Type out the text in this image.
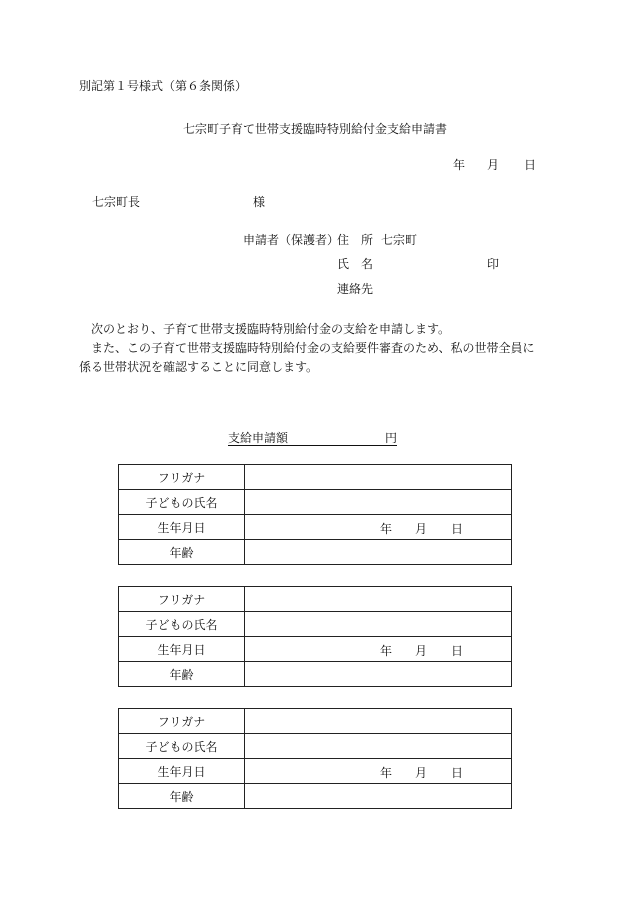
別記第１号様式（第６条関係）
七宗町子育て世帯支援臨時特別給付金支給申請書
年 月 日
七宗町長	様
申請者（保護者）
住　所 七宗町
氏　名	印
連絡先

次のとおり、子育て世帯支援臨時特別給付金の支給を申請します。

また、この子育て世帯支援臨時特別給付金の支給要件審査のため、私の世帯全員に係る世帯状況を確認することに同意します。

支給申請額	円
フリガナ	
子どもの氏名	
生年月日	年 月 日

年齢	
フリガナ	
子どもの氏名	
生年月日	年 月 日

年齢	
フリガナ	
子どもの氏名	
生年月日	年 月 日

年齢	
